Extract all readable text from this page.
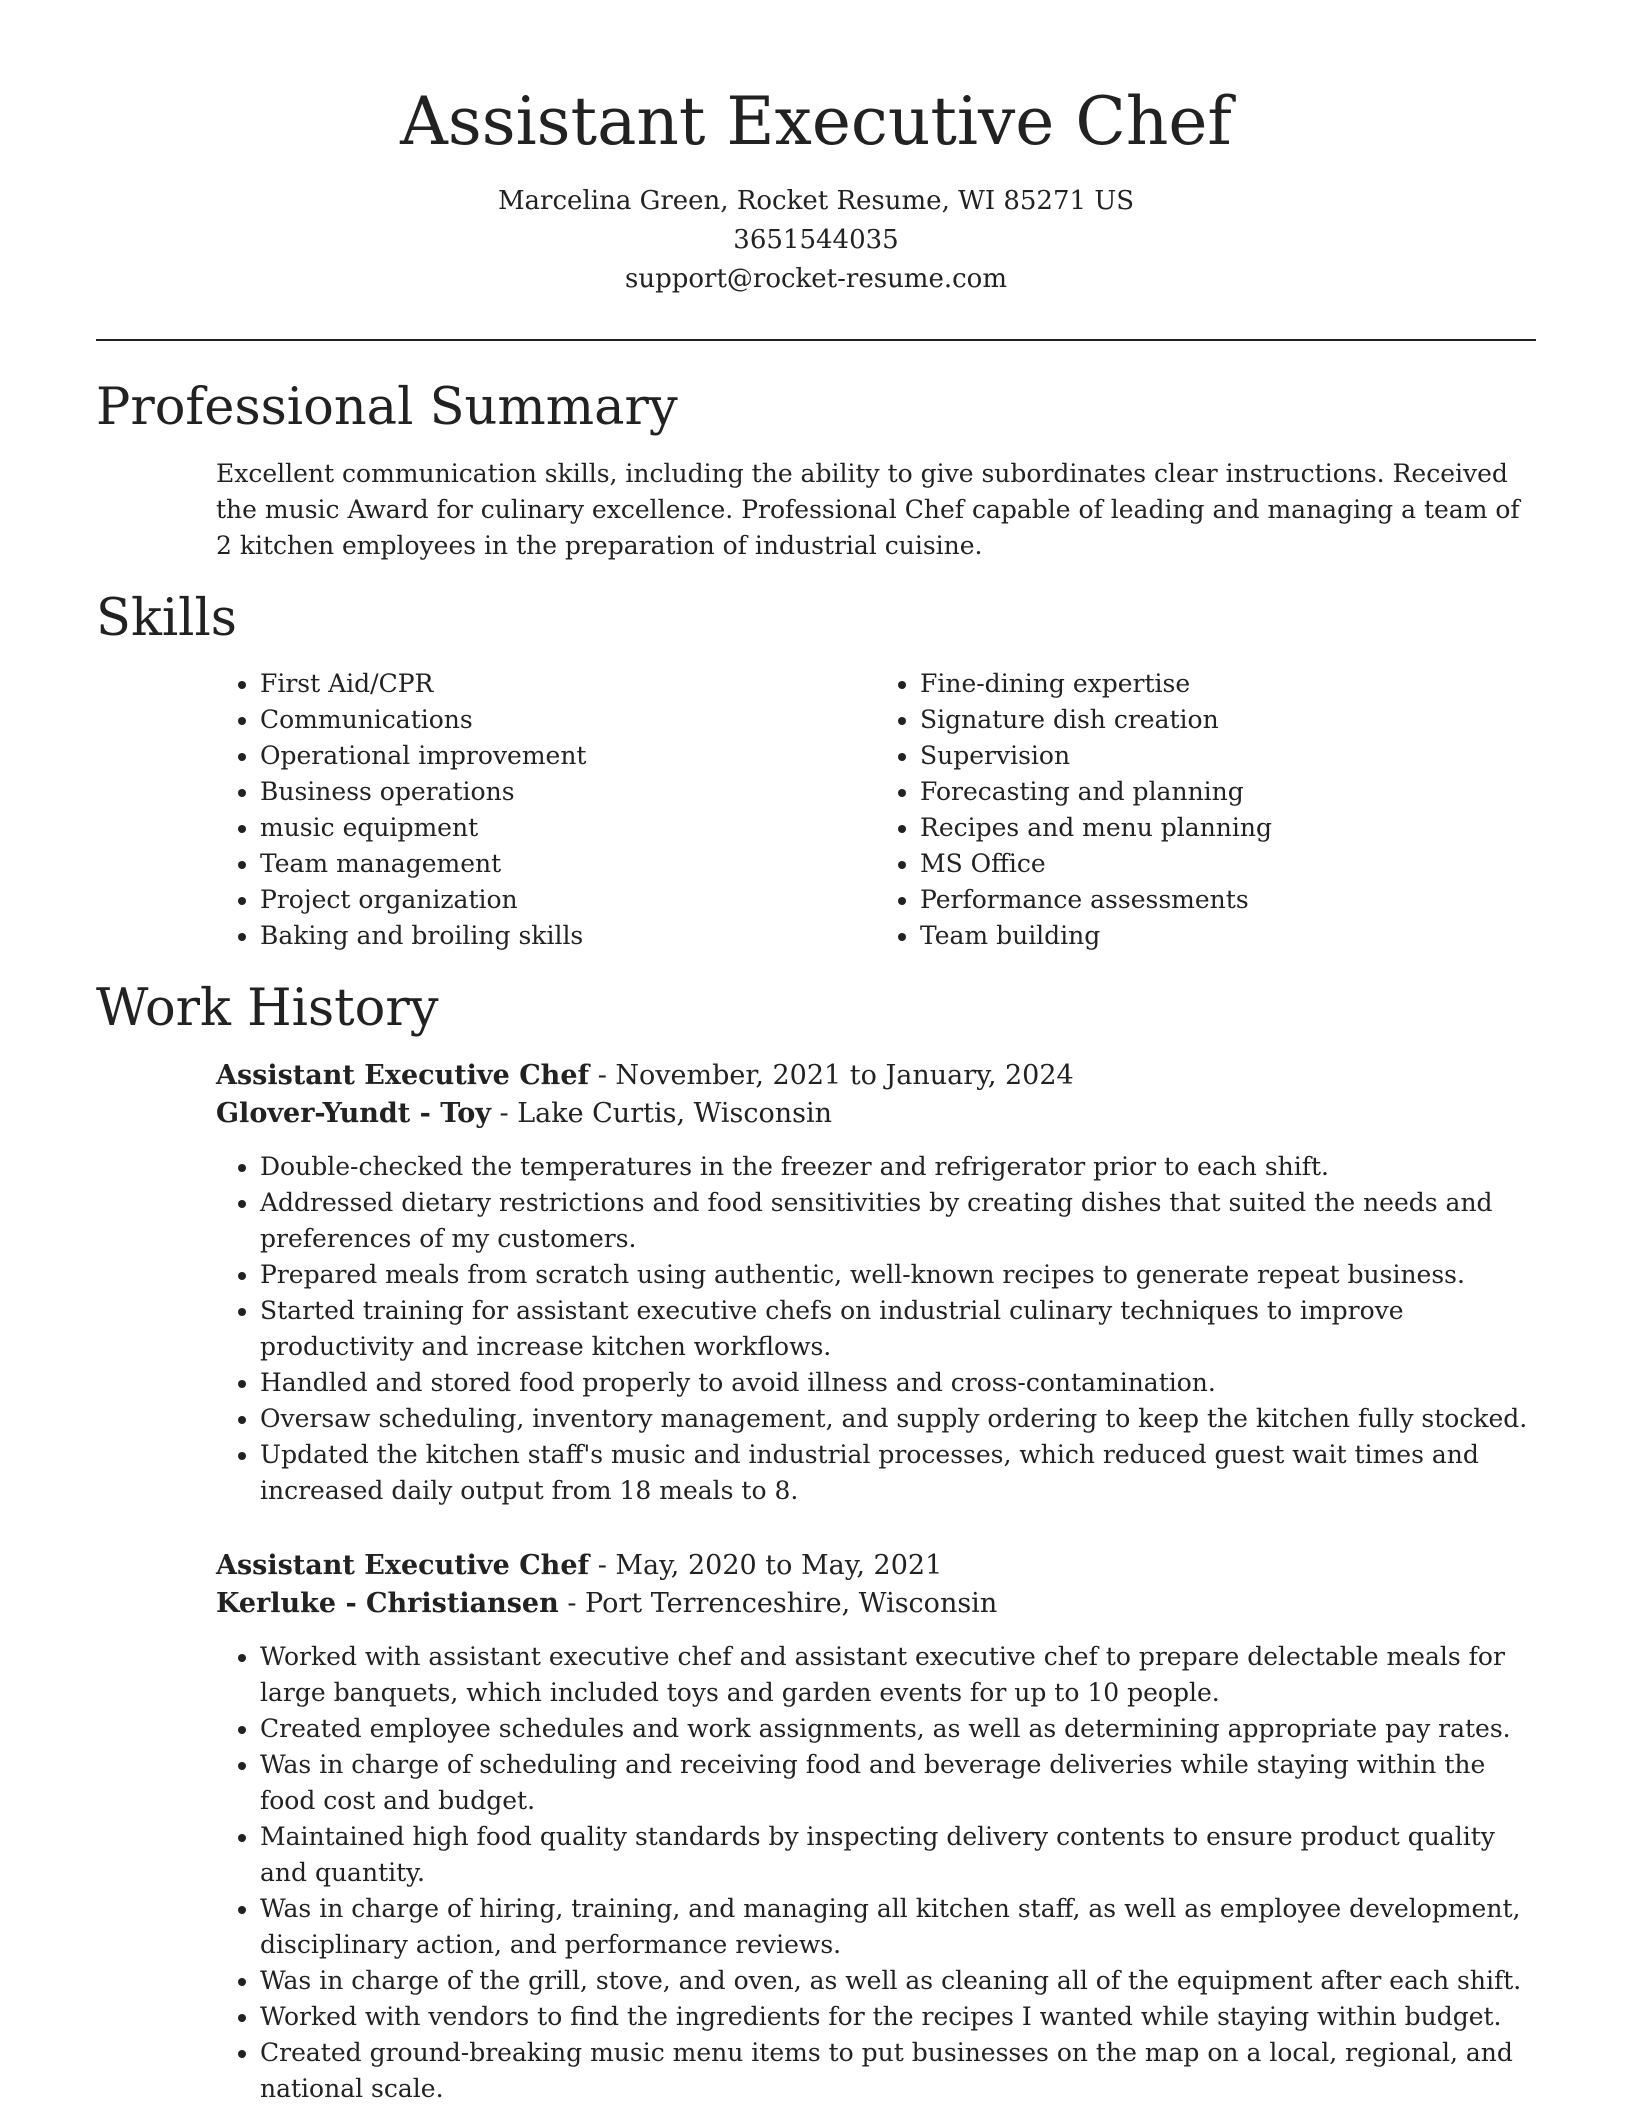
Assistant Executive Chef
Marcelina Green, Rocket Resume, WI 85271 US
3651544035
support@rocket-resume.com
Professional Summary

Excellent communication skills, including the ability to give subordinates clear instructions. Received the music Award for culinary excellence. Professional Chef capable of leading and managing a team of 2 kitchen employees in the preparation of industrial cuisine.

Skills
• First Aid/CPR
• Communications
• Operational improvement
• Business operations
• music equipment
• Team management
• Project organization
• Baking and broiling skills
• Fine-dining expertise
• Signature dish creation
• Supervision
• Forecasting and planning
• Recipes and menu planning
• MS Office
• Performance assessments
• Team building
Work History
Assistant Executive Chef - November, 2021 to January, 2024
Glover-Yundt - Toy - Lake Curtis, Wisconsin
• Double-checked the temperatures in the freezer and refrigerator prior to each shift.
• Addressed dietary restrictions and food sensitivities by creating dishes that suited the needs and preferences of my customers.
• Prepared meals from scratch using authentic, well-known recipes to generate repeat business.
• Started training for assistant executive chefs on industrial culinary techniques to improve productivity and increase kitchen workflows.
• Handled and stored food properly to avoid illness and cross-contamination.
• Oversaw scheduling, inventory management, and supply ordering to keep the kitchen fully stocked.
• Updated the kitchen staff's music and industrial processes, which reduced guest wait times and increased daily output from 18 meals to 8.
Assistant Executive Chef - May, 2020 to May, 2021
Kerluke - Christiansen - Port Terrenceshire, Wisconsin
• Worked with assistant executive chef and assistant executive chef to prepare delectable meals for large banquets, which included toys and garden events for up to 10 people.
• Created employee schedules and work assignments, as well as determining appropriate pay rates.
• Was in charge of scheduling and receiving food and beverage deliveries while staying within the food cost and budget.
• Maintained high food quality standards by inspecting delivery contents to ensure product quality and quantity.
• Was in charge of hiring, training, and managing all kitchen staff, as well as employee development, disciplinary action, and performance reviews.
• Was in charge of the grill, stove, and oven, as well as cleaning all of the equipment after each shift.
• Worked with vendors to find the ingredients for the recipes I wanted while staying within budget.
• Created ground-breaking music menu items to put businesses on the map on a local, regional, and national scale.
